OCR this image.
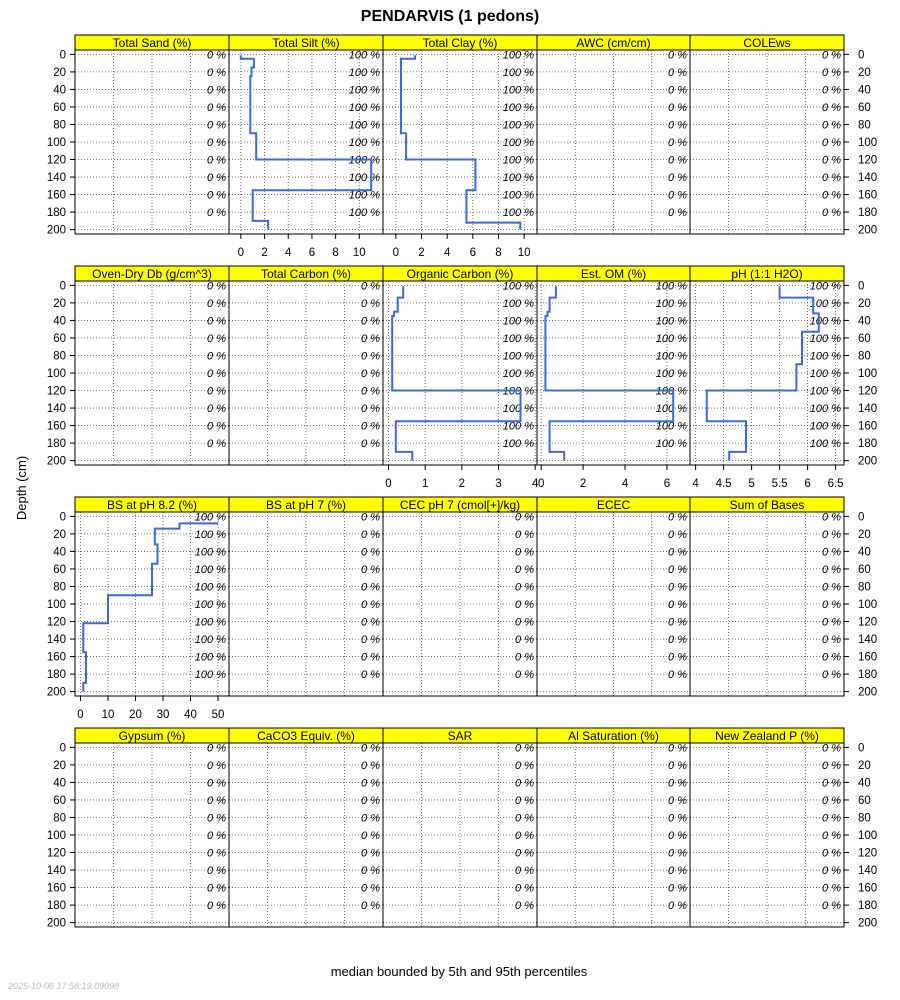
PENDARVIS (1 pedons)
Depth (cm)
median bounded by 5th and 95th percentiles
2025-10-08 17:58:19.09098
Total Sand (%)
0 %
0 %
0 %
0 %
0 %
0 %
0 %
0 %
0 %
0 %
Total Silt (%)
100 %
100 %
100 %
100 %
100 %
100 %
100 %
100 %
100 %
100 %
0 2 4 6 8 10
Total Clay (%)
100 %
100 %
100 %
100 %
100 %
100 %
100 %
100 %
100 %
100 %
0 2 4 6 8 10
AWC (cm/cm)
0 %
0 %
0 %
0 %
0 %
0 %
0 %
0 %
0 %
0 %
COLEws
0 %
0 %
0 %
0 %
0 %
0 %
0 %
0 %
0 %
0 %
Oven-Dry Db (g/cm^3)
0 %
0 %
0 %
0 %
0 %
0 %
0 %
0 %
0 %
0 %
Total Carbon (%)
0 %
0 %
0 %
0 %
0 %
0 %
0 %
0 %
0 %
0 %
Organic Carbon (%)
100 %
100 %
100 %
100 %
100 %
100 %
100 %
100 %
100 %
100 %
0	1	2	3	4
Est. OM (%)
100 %
100 %
100 %
100 %
100 %
100 %
100 %
100 %
100 %
100 %
0	2	4	6
pH (1:1 H2O)
100 %
100 %
100 %
100 %
100 %
100 %
100 %
100 %
100 %
100 %
4 4.5 5 5.5 6 6.5
BS at pH 8.2 (%)
100 %
100 %
100 %
100 %
100 %
100 %
100 %
100 %
100 %
100 %
0 10 20 30 40 50
BS at pH 7 (%)
0 %
0 %
0 %
0 %
0 %
0 %
0 %
0 %
0 %
0 %
CEC pH 7 (cmol[+]/kg)
0 %
0 %
0 %
0 %
0 %
0 %
0 %
0 %
0 %
0 %
ECEC
0 %
0 %
0 %
0 %
0 %
0 %
0 %
0 %
0 %
0 %
Sum of Bases
0 %
0 %
0 %
0 %
0 %
0 %
0 %
0 %
0 %
0 %
Gypsum (%)
0 %
0 %
0 %
0 %
0 %
0 %
0 %
0 %
0 %
0 %
CaCO3 Equiv. (%)
0 %
0 %
0 %
0 %
0 %
0 %
0 %
0 %
0 %
0 %
SAR
0 %
0 %
0 %
0 %
0 %
0 %
0 %
0 %
0 %
0 %
Al Saturation (%)
0 %
0 %
0 %
0 %
0 %
0 %
0 %
0 %
0 %
0 %
New Zealand P (%)
0 %
0 %
0 %
0 %
0 %
0 %
0 %
0 %
0 %
0 %
0	0
20	20
40	40
60	60
80	80
100	100
120	120
140	140
160	160
180	180
200	200
0	0
20	20
40	40
60	60
80	80
100	100
120	120
140	140
160	160
180	180
200	200
0	0
20	20
40	40
60	60
80	80
100	100
120	120
140	140
160	160
180	180
200	200
0	0
20	20
40	40
60	60
80	80
100	100
120	120
140	140
160	160
180	180
200	200
